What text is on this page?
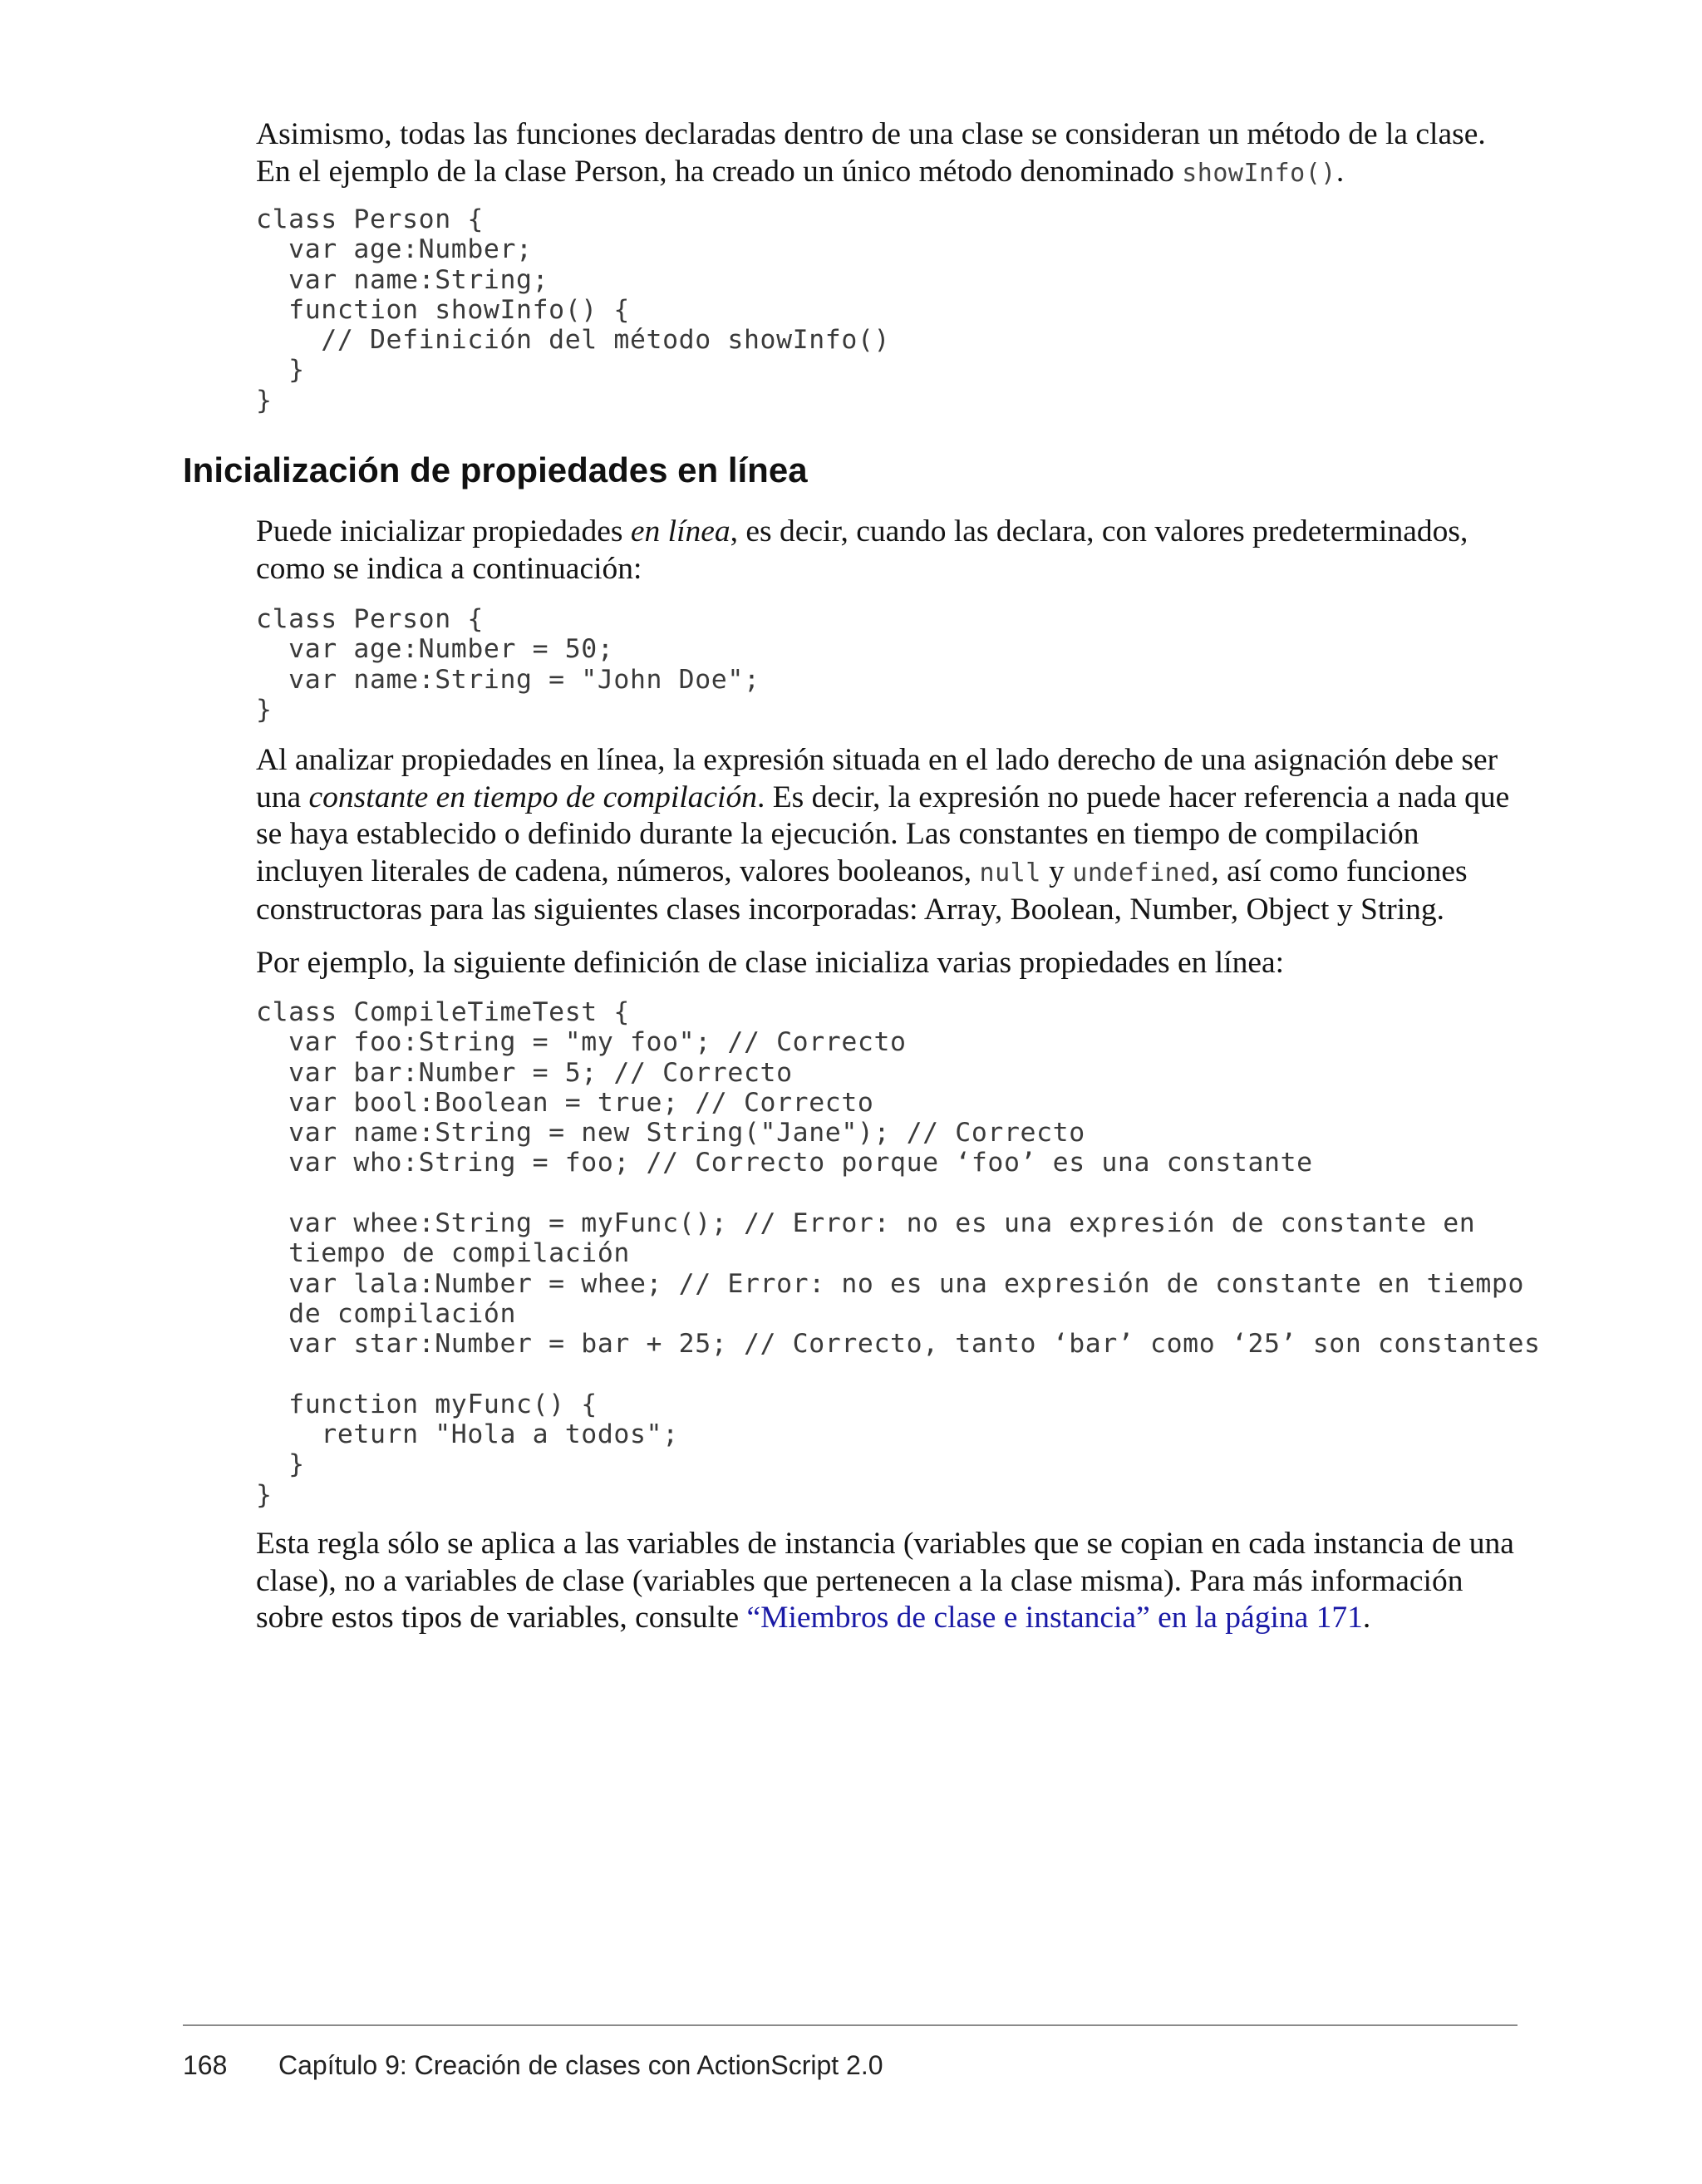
Asimismo, todas las funciones declaradas dentro de una clase se consideran un método de la clase.
En el ejemplo de la clase Person, ha creado un único método denominado showInfo().

class Person {
var age:Number;
var name:String;
function showInfo() {
// Definición del método showInfo()
}
}
Inicialización de propiedades en línea

Puede inicializar propiedades en línea, es decir, cuando las declara, con valores predeterminados, como se indica a continuación:

class Person {
var age:Number = 50;
var name:String = "John Doe";
}

Al analizar propiedades en línea, la expresión situada en el lado derecho de una asignación debe ser una constante en tiempo de compilación. Es decir, la expresión no puede hacer referencia a nada que se haya establecido o definido durante la ejecución. Las constantes en tiempo de compilación incluyen literales de cadena, números, valores booleanos, null y undefined, así como funciones constructoras para las siguientes clases incorporadas: Array, Boolean, Number, Object y String.

Por ejemplo, la siguiente definición de clase inicializa varias propiedades en línea:

class CompileTimeTest {
var foo:String = "my foo"; // Correcto
var bar:Number = 5; // Correcto
var bool:Boolean = true; // Correcto
var name:String = new String("Jane"); // Correcto
var who:String = foo; // Correcto porque ‘foo’ es una constante

var whee:String = myFunc(); // Error: no es una expresión de constante en
tiempo de compilación
var lala:Number = whee; // Error: no es una expresión de constante en tiempo
de compilación
var star:Number = bar + 25; // Correcto, tanto ‘bar’ como ‘25’ son constantes

function myFunc() {
return "Hola a todos";
}
}

Esta regla sólo se aplica a las variables de instancia (variables que se copian en cada instancia de una clase), no a variables de clase (variables que pertenecen a la clase misma). Para más información sobre estos tipos de variables, consulte “Miembros de clase e instancia” en la página 171.

168 Capítulo 9: Creación de clases con ActionScript 2.0
